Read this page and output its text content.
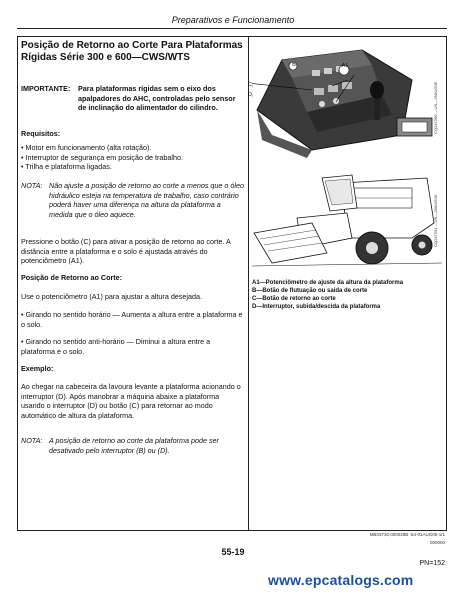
Preparativos e Funcionamento
Posição de Retorno ao Corte Para Plataformas Rígidas Série 300 e 600—CWS/WTS
IMPORTANTE: Para plataformas rígidas sem o eixo dos apalpadores do AHC, controladas pelo sensor de inclinação do alimentador do cilindro.
Requisitos:
• Motor em funcionamento (alta rotação).
• Interruptor de segurança em posição de trabalho.
• Trilha e plataforma ligadas.
NOTA: Não ajuste a posição de retorno ao corte a menos que o óleo hidráulico esteja na temperatura de trabalho, caso contrário poderá haver uma diferença na altura da plataforma a medida que o óleo aquece.
Pressione o botão (C) para ativar a posição de retorno ao corte. A distância entre a plataforma e o solo é ajustada através do potenciômetro (A1).
Posição de Retorno ao Corte:
Use o potenciômetro (A1) para ajustar a altura desejada.
• Girando no sentido horário — Aumenta a altura entre a plataforma e o solo.
• Girando no sentido anti-horário — Diminui a altura entre a plataforma e o solo.
Exemplo:
Ao chegar na cabeceira da lavoura levante a plataforma acionando o interruptor (D). Após manobrar a máquina abaixe a plataforma usando o interruptor (D) ou botão (C) para retornar ao modo automático de altura da plataforma.
NOTA: A posição de retorno ao corte da plataforma pode ser desativado pelo interruptor (B) ou (D).
A1
B
C
D	CQ247290 —UN—26AUG05
CQ247291 —UN—26AUG05
A1—Potenciômetro de ajuste da altura da plataforma
B—Botão de flutuação ou saída de corte
C—Botão de retorno ao corte
D—Interruptor, subida/descida da plataforma
MB03730,000028B -54-01AUG05-1/1
000000
55-19
PN=152
www.epcatalogs.com
